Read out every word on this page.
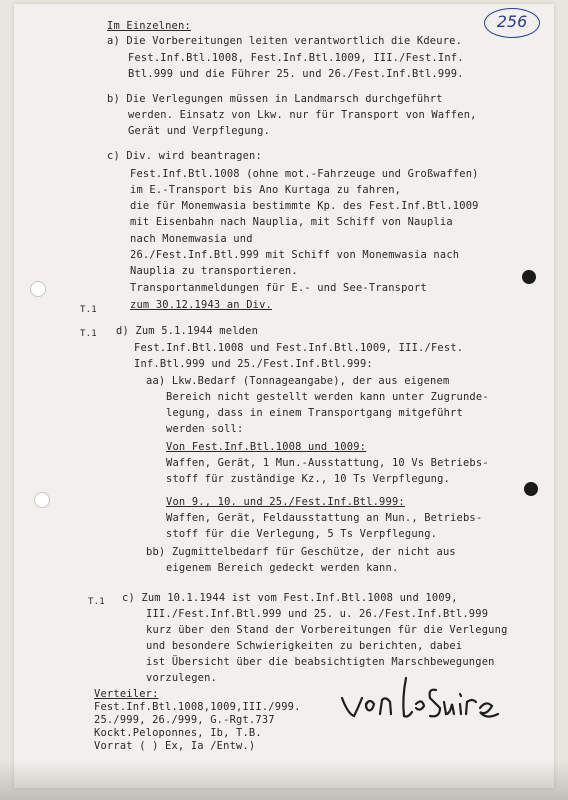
256
Im Einzelnen:
a) Die Vorbereitungen leiten verantwortlich die Kdeure.
Fest.Inf.Btl.1008, Fest.Inf.Btl.1009, III./Fest.Inf.
Btl.999 und die Führer 25. und 26./Fest.Inf.Btl.999.
b) Die Verlegungen müssen in Landmarsch durchgeführt
werden. Einsatz von Lkw. nur für Transport von Waffen,
Gerät und Verpflegung.
c) Div. wird beantragen:
Fest.Inf.Btl.1008 (ohne mot.-Fahrzeuge und Großwaffen)
im E.-Transport bis Ano Kurtaga zu fahren,
die für Monemwasia bestimmte Kp. des Fest.Inf.Btl.1009
mit Eisenbahn nach Nauplia, mit Schiff von Nauplia
nach Monemwasia und
26./Fest.Inf.Btl.999 mit Schiff von Monemwasia nach
Nauplia zu transportieren.
Transportanmeldungen für E.- und See-Transport
T.1	zum 30.12.1943 an Div.
T.1 d) Zum 5.1.1944 melden
Fest.Inf.Btl.1008 und Fest.Inf.Btl.1009, III./Fest.
Inf.Btl.999 und 25./Fest.Inf.Btl.999:
aa) Lkw.Bedarf (Tonnageangabe), der aus eigenem
Bereich nicht gestellt werden kann unter Zugrunde-
legung, dass in einem Transportgang mitgeführt
werden soll:
Von Fest.Inf.Btl.1008 und 1009:
Waffen, Gerät, 1 Mun.-Ausstattung, 10 Vs Betriebs-
stoff für zuständige Kz., 10 Ts Verpflegung.
Von 9., 10. und 25./Fest.Inf.Btl.999:
Waffen, Gerät, Feldausstattung an Mun., Betriebs-
stoff für die Verlegung, 5 Ts Verpflegung.
bb) Zugmittelbedarf für Geschütze, der nicht aus
eigenem Bereich gedeckt werden kann.
T.1 c) Zum 10.1.1944 ist vom Fest.Inf.Btl.1008 und 1009,
III./Fest.Inf.Btl.999 und 25. u. 26./Fest.Inf.Btl.999
kurz über den Stand der Vorbereitungen für die Verlegung
und besondere Schwierigkeiten zu berichten, dabei
ist Übersicht über die beabsichtigten Marschbewegungen
vorzulegen.
Verteiler:
Fest.Inf.Btl.1008,1009,III./999.
25./999, 26./999, G.-Rgt.737
Kockt.Peloponnes, Ib, T.B.
Vorrat ( ) Ex, Ia /Entw.)
